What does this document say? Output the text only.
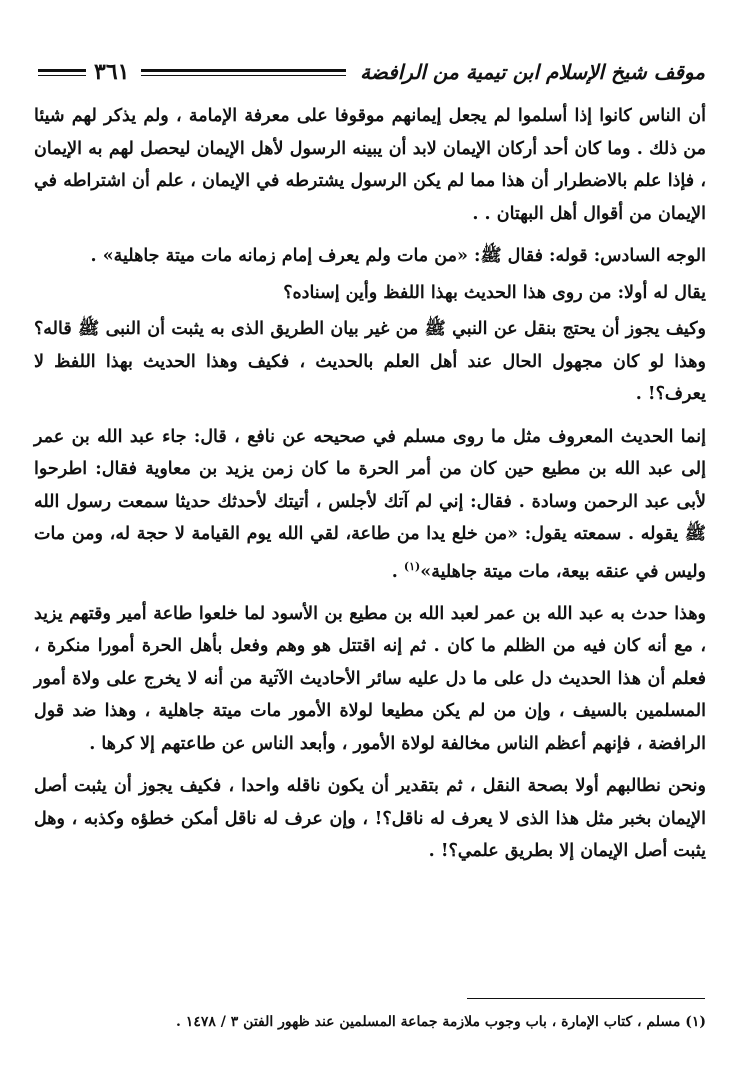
موقف شيخ الإسلام ابن تيمية من الرافضة
٣٦١

أن الناس كانوا إذا أسلموا لم يجعل إيمانهم موقوفا على معرفة الإمامة ، ولم يذكر لهم شيئا من ذلك . وما كان أحد أركان الإيمان لابد أن يبينه الرسول لأهل الإيمان ليحصل لهم به الإيمان ، فإذا علم بالاضطرار أن هذا مما لم يكن الرسول يشترطه في الإيمان ، علم أن اشتراطه في الإيمان من أقوال أهل البهتان . .

الوجه السادس: قوله: فقال ﷺ: «من مات ولم يعرف إمام زمانه مات ميتة جاهلية» .

يقال له أولا: من روى هذا الحديث بهذا اللفظ وأين إسناده؟

وكيف يجوز أن يحتج بنقل عن النبي ﷺ من غير بيان الطريق الذى به يثبت أن النبى ﷺ قاله؟ وهذا لو كان مجهول الحال عند أهل العلم بالحديث ، فكيف وهذا الحديث بهذا اللفظ لا يعرف؟! .

إنما الحديث المعروف مثل ما روى مسلم في صحيحه عن نافع ، قال: جاء عبد الله بن عمر إلى عبد الله بن مطيع حين كان من أمر الحرة ما كان زمن يزيد بن معاوية فقال: اطرحوا لأبى عبد الرحمن وسادة . فقال: إني لم آتك لأجلس ، أتيتك لأحدثك حديثا سمعت رسول الله ﷺ يقوله . سمعته يقول: «من خلع يدا من طاعة، لقي الله يوم القيامة لا حجة له، ومن مات وليس في عنقه بيعة، مات ميتة جاهلية»$^{(١)}$ .

وهذا حدث به عبد الله بن عمر لعبد الله بن مطيع بن الأسود لما خلعوا طاعة أمير وقتهم يزيد ، مع أنه كان فيه من الظلم ما كان . ثم إنه اقتتل هو وهم وفعل بأهل الحرة أمورا منكرة ، فعلم أن هذا الحديث دل على ما دل عليه سائر الأحاديث الآتية من أنه لا يخرج على ولاة أمور المسلمين بالسيف ، وإن من لم يكن مطيعا لولاة الأمور مات ميتة جاهلية ، وهذا ضد قول الرافضة ، فإنهم أعظم الناس مخالفة لولاة الأمور ، وأبعد الناس عن طاعتهم إلا كرها .

ونحن نطالبهم أولا بصحة النقل ، ثم بتقدير أن يكون ناقله واحدا ، فكيف يجوز أن يثبت أصل الإيمان بخبر مثل هذا الذى لا يعرف له ناقل؟! ، وإن عرف له ناقل أمكن خطؤه وكذبه ، وهل يثبت أصل الإيمان إلا بطريق علمي؟! .

(١) مسلم ، كتاب الإمارة ، باب وجوب ملازمة جماعة المسلمين عند ظهور الفتن ٣ / ١٤٧٨ .
